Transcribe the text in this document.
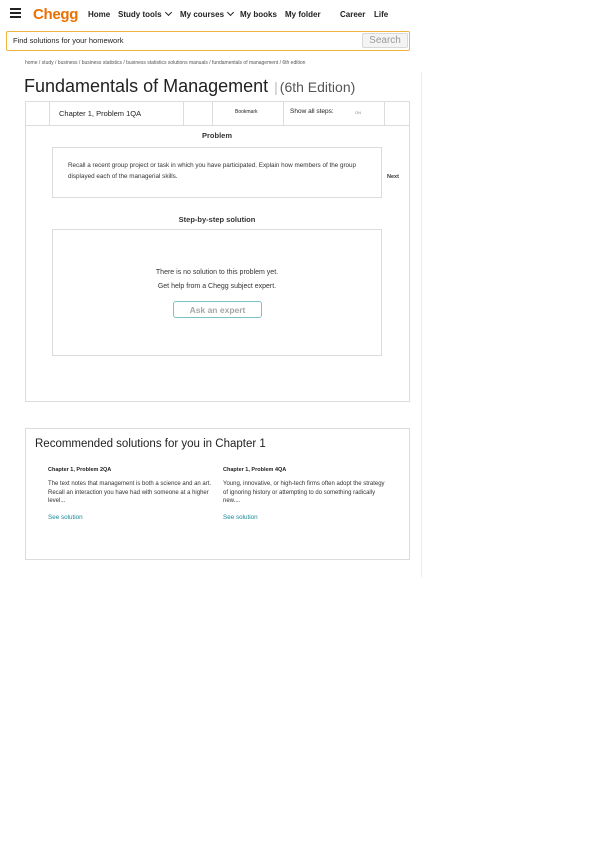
Chegg Home Study tools	My courses	My books My folder Career Life
Find solutions for your homework
Search
home / study / business / business statistics / business statistics solutions manuals / fundamentals of management / 6th edition
Fundamentals of Management | (6th Edition)
Chapter 1, Problem 1QA	Bookmark	Show all steps:	ON
Problem
Recall a recent group project or task in which you have participated. Explain how members of the group displayed each of the managerial skills.	Next
Step-by-step solution
There is no solution to this problem yet.
Get help from a Chegg subject expert.
Ask an expert
Recommended solutions for you in Chapter 1
Chapter 1, Problem 2QA
The text notes that management is both a science and an art. Recall an interaction you have had with someone at a higher level...
See solution
Chapter 1, Problem 4QA
Young, innovative, or high-tech firms often adopt the strategy of ignoring history or attempting to do something radically new....
See solution
